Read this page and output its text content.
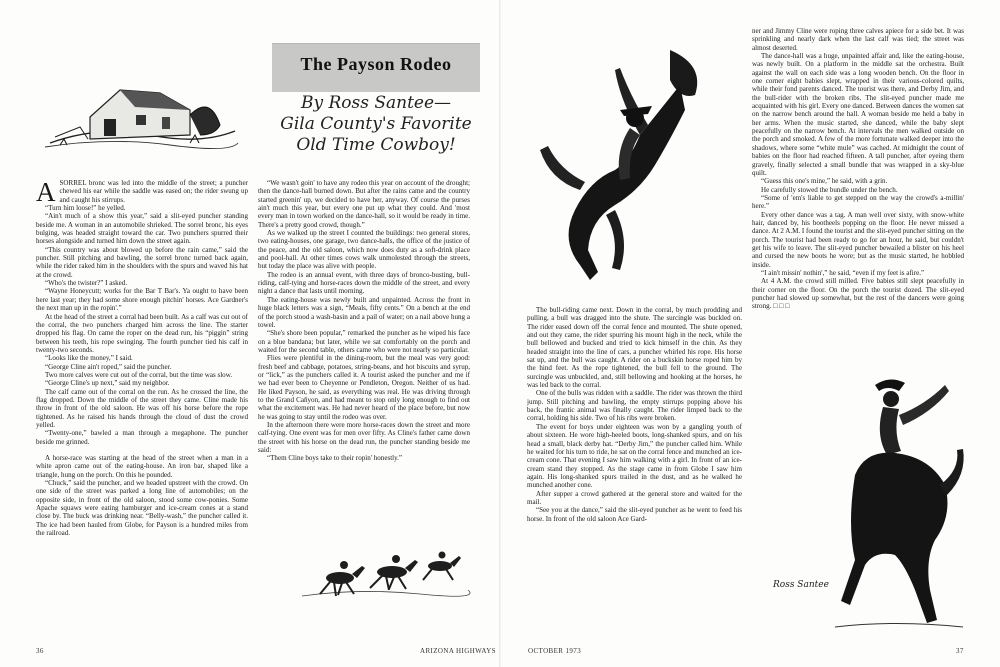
The Payson Rodeo
By Ross Santee—
Gila County's Favorite
Old Time Cowboy!

ASORREL bronc was led into the middle of the street; a puncher chewed his ear while the saddle was eased on; the rider swung up and caught his stirrups.

“Turn him loose!” he yelled.

“Ain't much of a show this year,” said a slit-eyed puncher standing beside me. A woman in an automobile shrieked. The sorrel bronc, his eyes bulging, was headed straight toward the car. Two punchers spurred their horses alongside and turned him down the street again.

“This country was about blowed up before the rain came,” said the puncher. Still pitching and bawling, the sorrel bronc turned back again, while the rider raked him in the shoulders with the spurs and waved his hat at the crowd.

“Who's the twister?” I asked.

“Wayne Honeycutt; works for the Bar T Bar's. Ya ought to have been here last year; they had some shore enough pitchin' horses. Ace Gardner's the next man up in the ropin'.”

At the head of the street a corral had been built. As a calf was cut out of the corral, the two punchers charged him across the line. The starter dropped his flag. On came the roper on the dead run, his “piggin” string between his teeth, his rope swinging. The fourth puncher tied his calf in twenty-two seconds.

“Looks like the money,” I said.

“George Cline ain't roped,” said the puncher.

Two more calves were cut out of the corral, but the time was slow.

“George Cline's up next,” said my neighbor.

The calf came out of the corral on the run. As he crossed the line, the flag dropped. Down the middle of the street they came. Cline made his throw in front of the old saloon. He was off his horse before the rope tightened. As he raised his hands through the cloud of dust the crowd yelled.

“Twenty-one,” bawled a man through a megaphone. The puncher beside me grinned.

A horse-race was starting at the head of the street when a man in a white apron came out of the eating-house. An iron bar, shaped like a triangle, hung on the porch. On this he pounded.

“Chuck,” said the puncher, and we headed upstreet with the crowd. On one side of the street was parked a long line of automobiles; on the opposite side, in front of the old saloon, stood some cow-ponies. Some Apache squaws were eating hamburger and ice-cream cones at a stand close by. The buck was drinking near. “Belly-wash,” the puncher called it. The ice had been hauled from Globe, for Payson is a hundred miles from the railroad.

“We wasn't goin' to have any rodeo this year on account of the drought; then the dance-hall burned down. But after the rains came and the country started greenin' up, we decided to have her, anyway. Of course the purses ain't much this year, but every one put up what they could. And 'most every man in town worked on the dance-hall, so it would be ready in time. There's a pretty good crowd, though.”

As we walked up the street I counted the buildings: two general stores, two eating-houses, one garage, two dance-halls, the office of the justice of the peace, and the old saloon, which now does duty as a soft-drink place and pool-hall. At other times cows walk unmolested through the streets, but today the place was alive with people.

The rodeo is an annual event, with three days of bronco-busting, bull-riding, calf-tying and horse-races down the middle of the street, and every night a dance that lasts until morning.

The eating-house was newly built and unpainted. Across the front in huge black letters was a sign, “Meals, fifty cents.” On a bench at the end of the porch stood a wash-basin and a pail of water; on a nail above hung a towel.

“She's shore been popular,” remarked the puncher as he wiped his face on a blue bandana; but later, while we sat comfortably on the porch and waited for the second table, others came who were not nearly so particular.

Flies were plentiful in the dining-room, but the meal was very good: fresh beef and cabbage, potatoes, string-beans, and hot biscuits and syrup, or “lick,” as the punchers called it. A tourist asked the puncher and me if we had ever been to Cheyenne or Pendleton, Oregon. Neither of us had. He liked Payson, he said, as everything was real. He was driving through to the Grand Cañyon, and had meant to stop only long enough to find out what the excitement was. He had never heard of the place before, but now he was going to stay until the rodeo was over.

In the afternoon there were more horse-races down the street and more calf-tying. One event was for men over fifty. As Cline's father came down the street with his horse on the dead run, the puncher standing beside me said:

“Them Cline boys take to their ropin' honestly.”

The bull-riding came next. Down in the corral, by much prodding and pulling, a bull was dragged into the shute. The surcingle was buckled on. The rider eased down off the corral fence and mounted. The shute opened, and out they came, the rider spurring his mount high in the neck, while the bull bellowed and bucked and tried to kick himself in the chin. As they headed straight into the line of cars, a puncher whirled his rope. His horse sat up, and the bull was caught. A rider on a buckskin horse roped him by the hind feet. As the rope tightened, the bull fell to the ground. The surcingle was unbuckled, and, still bellowing and hooking at the horses, he was led back to the corral.

One of the bulls was ridden with a saddle. The rider was thrown the third jump. Still pitching and bawling, the empty stirrups popping above his back, the frantic animal was finally caught. The rider limped back to the corral, holding his side. Two of his ribs were broken.

The event for boys under eighteen was won by a gangling youth of about sixteen. He wore high-heeled boots, long-shanked spurs, and on his head a small, black derby hat. “Derby Jim,” the puncher called him. While he waited for his turn to ride, he sat on the corral fence and munched an ice-cream cone. That evening I saw him walking with a girl. In front of an ice-cream stand they stopped. As the stage came in from Globe I saw him again. His long-shanked spurs trailed in the dust, and as he walked he munched another cone.

After supper a crowd gathered at the general store and waited for the mail.

“See you at the dance,” said the slit-eyed puncher as he went to feed his horse. In front of the old saloon Ace Gard-

ner and Jimmy Cline were roping three calves apiece for a side bet. It was sprinkling and nearly dark when the last calf was tied; the street was almost deserted.

The dance-hall was a huge, unpainted affair and, like the eating-house, was newly built. On a platform in the middle sat the orchestra. Built against the wall on each side was a long wooden bench. On the floor in one corner eight babies slept, wrapped in their various-colored quilts, while their fond parents danced. The tourist was there, and Derby Jim, and the bull-rider with the broken ribs. The slit-eyed puncher made me acquainted with his girl. Every one danced. Between dances the women sat on the narrow bench around the hall. A woman beside me held a baby in her arms. When the music started, she danced, while the baby slept peacefully on the narrow bench. At intervals the men walked outside on the porch and smoked. A few of the more fortunate walked deeper into the shadows, where some “white mule” was cached. At midnight the count of babies on the floor had reached fifteen. A tall puncher, after eyeing them gravely, finally selected a small bundle that was wrapped in a sky-blue quilt.

“Guess this one's mine,” he said, with a grin.

He carefully stowed the bundle under the bench.

“Some of 'em's liable to get stepped on the way the crowd's a-millin' here.”

Every other dance was a tag. A man well over sixty, with snow-white hair, danced by, his bootheels popping on the floor. He never missed a dance. At 2 A.M. I found the tourist and the slit-eyed puncher sitting on the porch. The tourist had been ready to go for an hour, he said, but couldn't get his wife to leave. The slit-eyed puncher bewailed a blister on his heel and cursed the new boots he wore; but as the music started, he hobbled inside.

“I ain't missin' nothin',” he said, “even if my feet is afire.”

At 4 A.M. the crowd still milled. Five babies still slept peacefully in their corner on the floor. On the porch the tourist dozed. The slit-eyed puncher had slowed up somewhat, but the rest of the dancers were going strong. □ □ □

Ross Santee
36	ARIZONA HIGHWAYS	OCTOBER 1973	37
